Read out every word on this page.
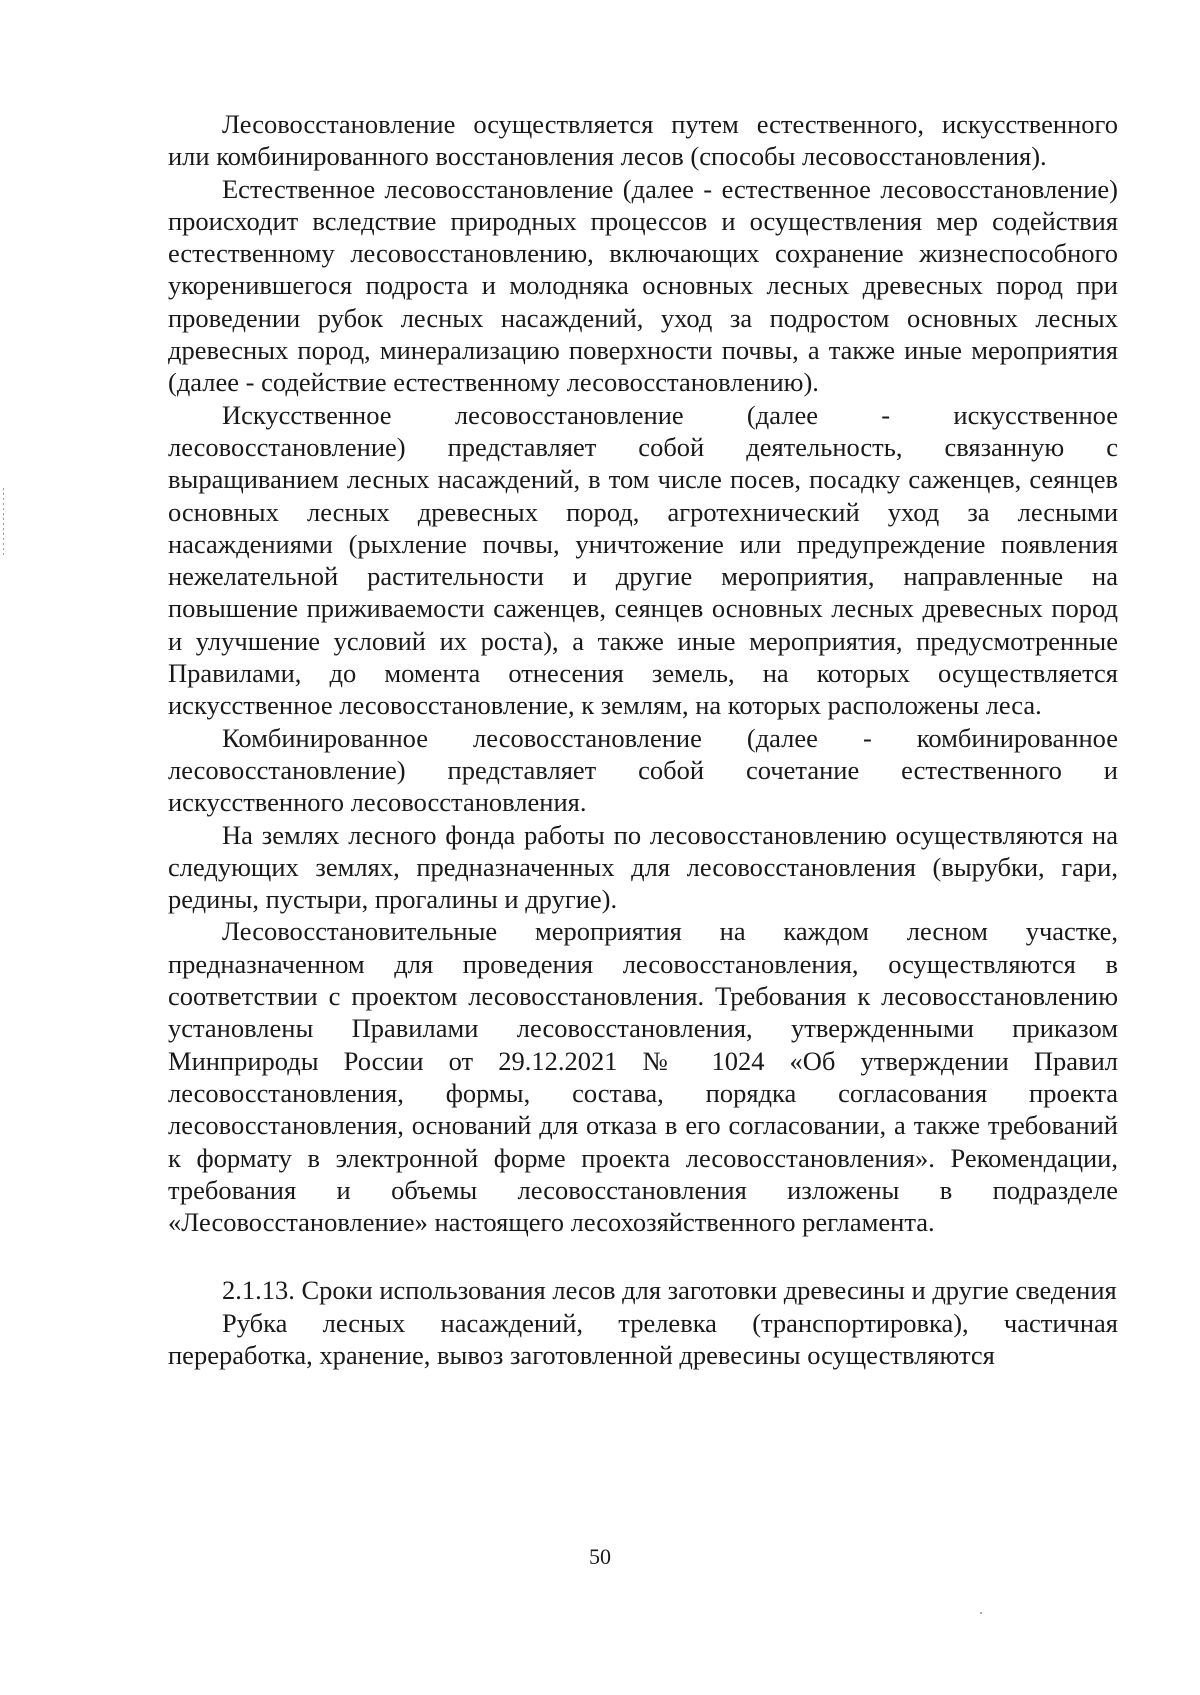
Лесовосстановление осуществляется путем естественного, искусственного или комбинированного восстановления лесов (способы лесовосстановления).

Естественное лесовосстановление (далее - естественное лесовосстановление) происходит вследствие природных процессов и осуществления мер содействия естественному лесовосстановлению, включающих сохранение жизнеспособного укоренившегося подроста и молодняка основных лесных древесных пород при проведении рубок лесных насаждений, уход за подростом основных лесных древесных пород, минерализацию поверхности почвы, а также иные мероприятия (далее - содействие естественному лесовосстановлению).

Искусственное лесовосстановление (далее - искусственное лесовосстановление) представляет собой деятельность, связанную с выращиванием лесных насаждений, в том числе посев, посадку саженцев, сеянцев основных лесных древесных пород, агротехнический уход за лесными насаждениями (рыхление почвы, уничтожение или предупреждение появления нежелательной растительности и другие мероприятия, направленные на повышение приживаемости саженцев, сеянцев основных лесных древесных пород и улучшение условий их роста), а также иные мероприятия, предусмотренные Правилами, до момента отнесения земель, на которых осуществляется искусственное лесовосстановление, к землям, на которых расположены леса.

Комбинированное лесовосстановление (далее - комбинированное лесовосстановление) представляет собой сочетание естественного и искусственного лесовосстановления.

На землях лесного фонда работы по лесовосстановлению осуществляются на следующих землях, предназначенных для лесовосстановления (вырубки, гари, редины, пустыри, прогалины и другие).

Лесовосстановительные мероприятия на каждом лесном участке, предназначенном для проведения лесовосстановления, осуществляются в соответствии с проектом лесовосстановления. Требования к лесовосстановлению установлены Правилами лесовосстановления, утвержденными приказом Минприроды России от 29.12.2021 № 1024 «Об утверждении Правил лесовосстановления, формы, состава, порядка согласования проекта лесовосстановления, оснований для отказа в его согласовании, а также требований к формату в электронной форме проекта лесовосстановления». Рекомендации, требования и объемы лесовосстановления изложены в подразделе «Лесовосстановление» настоящего лесохозяйственного регламента.

2.1.13. Сроки использования лесов для заготовки древесины и другие сведения

Рубка лесных насаждений, трелевка (транспортировка), частичная переработка, хранение, вывоз заготовленной древесины осуществляются

50
